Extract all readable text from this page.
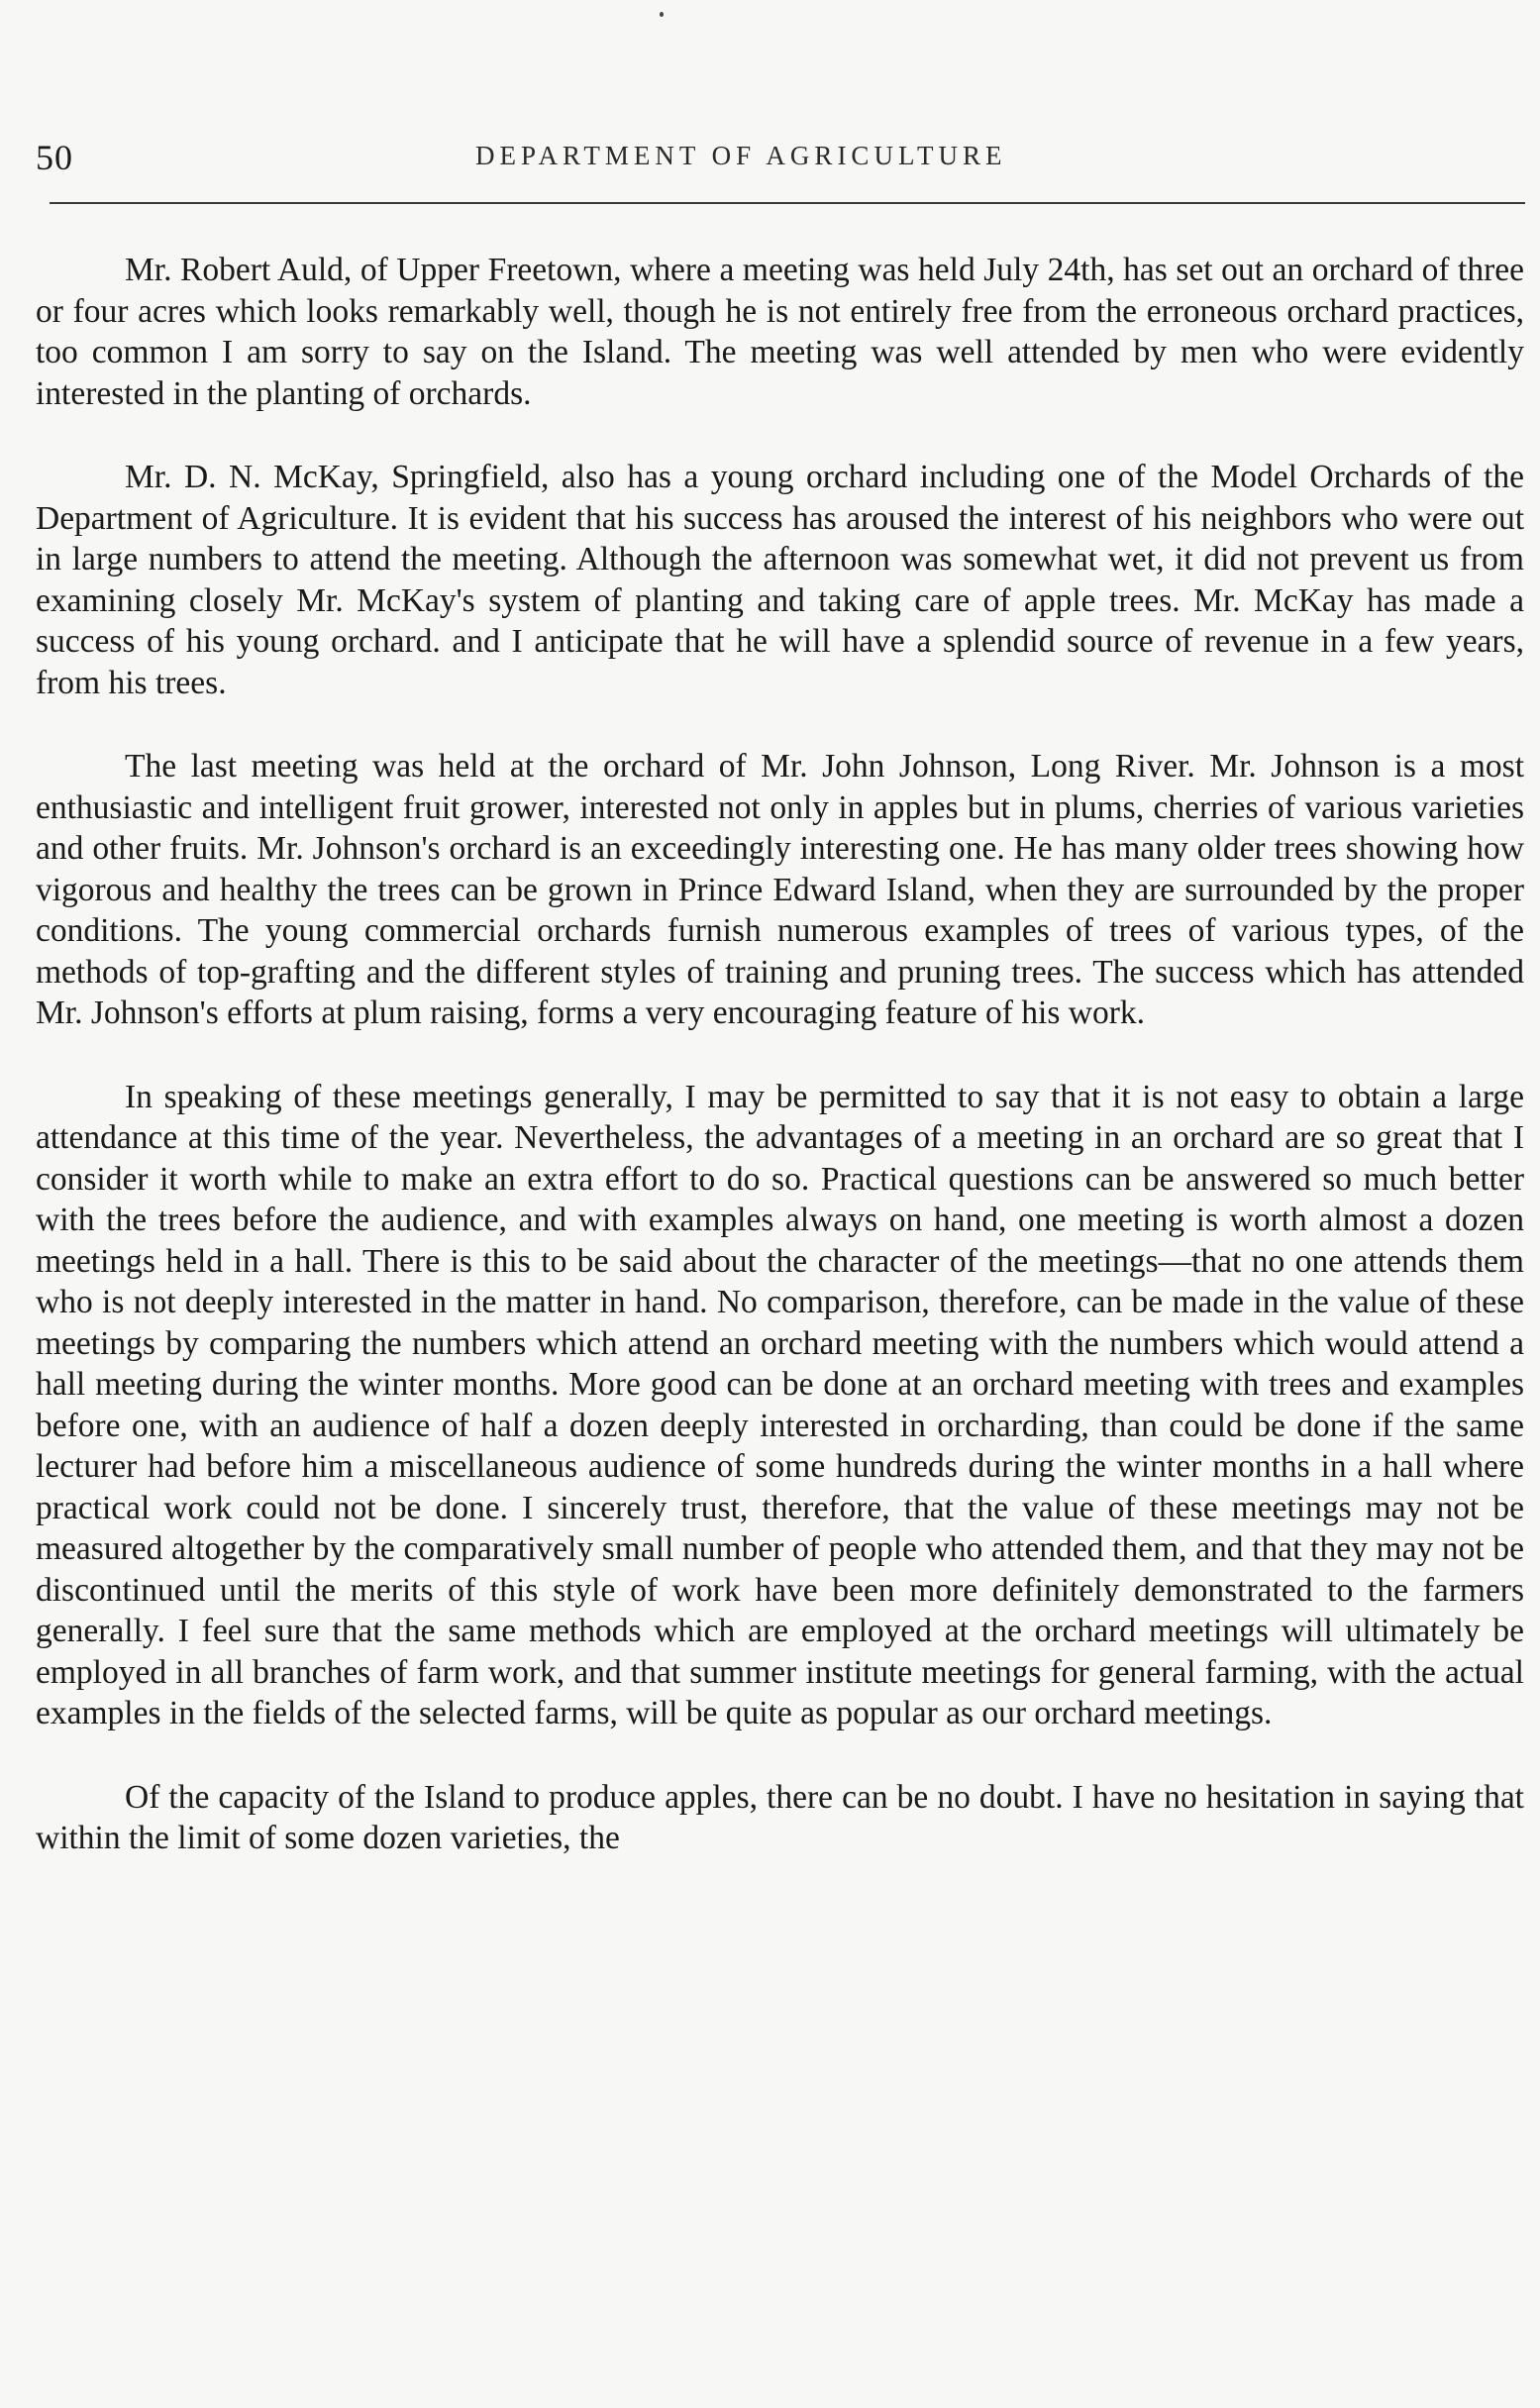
50	DEPARTMENT OF AGRICULTURE

Mr. Robert Auld, of Upper Freetown, where a meeting was held July 24th, has set out an orchard of three or four acres which looks remarkably well, though he is not entirely free from the erroneous orchard practices, too common I am sorry to say on the Island. The meeting was well attended by men who were evidently interested in the planting of orchards.

Mr. D. N. McKay, Springfield, also has a young orchard including one of the Model Orchards of the Department of Agriculture. It is evident that his success has aroused the interest of his neighbors who were out in large numbers to attend the meeting. Although the afternoon was somewhat wet, it did not prevent us from examining closely Mr. McKay's system of planting and taking care of apple trees. Mr. McKay has made a success of his young orchard. and I anticipate that he will have a splendid source of revenue in a few years, from his trees.

The last meeting was held at the orchard of Mr. John Johnson, Long River. Mr. Johnson is a most enthusiastic and intelligent fruit grower, interested not only in apples but in plums, cherries of various varieties and other fruits. Mr. Johnson's orchard is an exceedingly interesting one. He has many older trees showing how vigorous and healthy the trees can be grown in Prince Edward Island, when they are surrounded by the proper conditions. The young commercial orchards furnish numerous examples of trees of various types, of the methods of top-grafting and the different styles of training and pruning trees. The success which has attended Mr. Johnson's efforts at plum raising, forms a very encouraging feature of his work.

In speaking of these meetings generally, I may be permitted to say that it is not easy to obtain a large attendance at this time of the year. Nevertheless, the advantages of a meeting in an orchard are so great that I consider it worth while to make an extra effort to do so. Practical questions can be answered so much better with the trees before the audience, and with examples always on hand, one meeting is worth almost a dozen meetings held in a hall. There is this to be said about the character of the meetings—that no one attends them who is not deeply interested in the matter in hand. No comparison, therefore, can be made in the value of these meetings by comparing the numbers which attend an orchard meeting with the numbers which would attend a hall meeting during the winter months. More good can be done at an orchard meeting with trees and examples before one, with an audience of half a dozen deeply interested in orcharding, than could be done if the same lecturer had before him a miscellaneous audience of some hundreds during the winter months in a hall where practical work could not be done. I sincerely trust, therefore, that the value of these meetings may not be measured altogether by the comparatively small number of people who attended them, and that they may not be discontinued until the merits of this style of work have been more definitely demonstrated to the farmers generally. I feel sure that the same methods which are employed at the orchard meetings will ultimately be employed in all branches of farm work, and that summer institute meetings for general farming, with the actual examples in the fields of the selected farms, will be quite as popular as our orchard meetings.

Of the capacity of the Island to produce apples, there can be no doubt. I have no hesitation in saying that within the limit of some dozen varieties, the
